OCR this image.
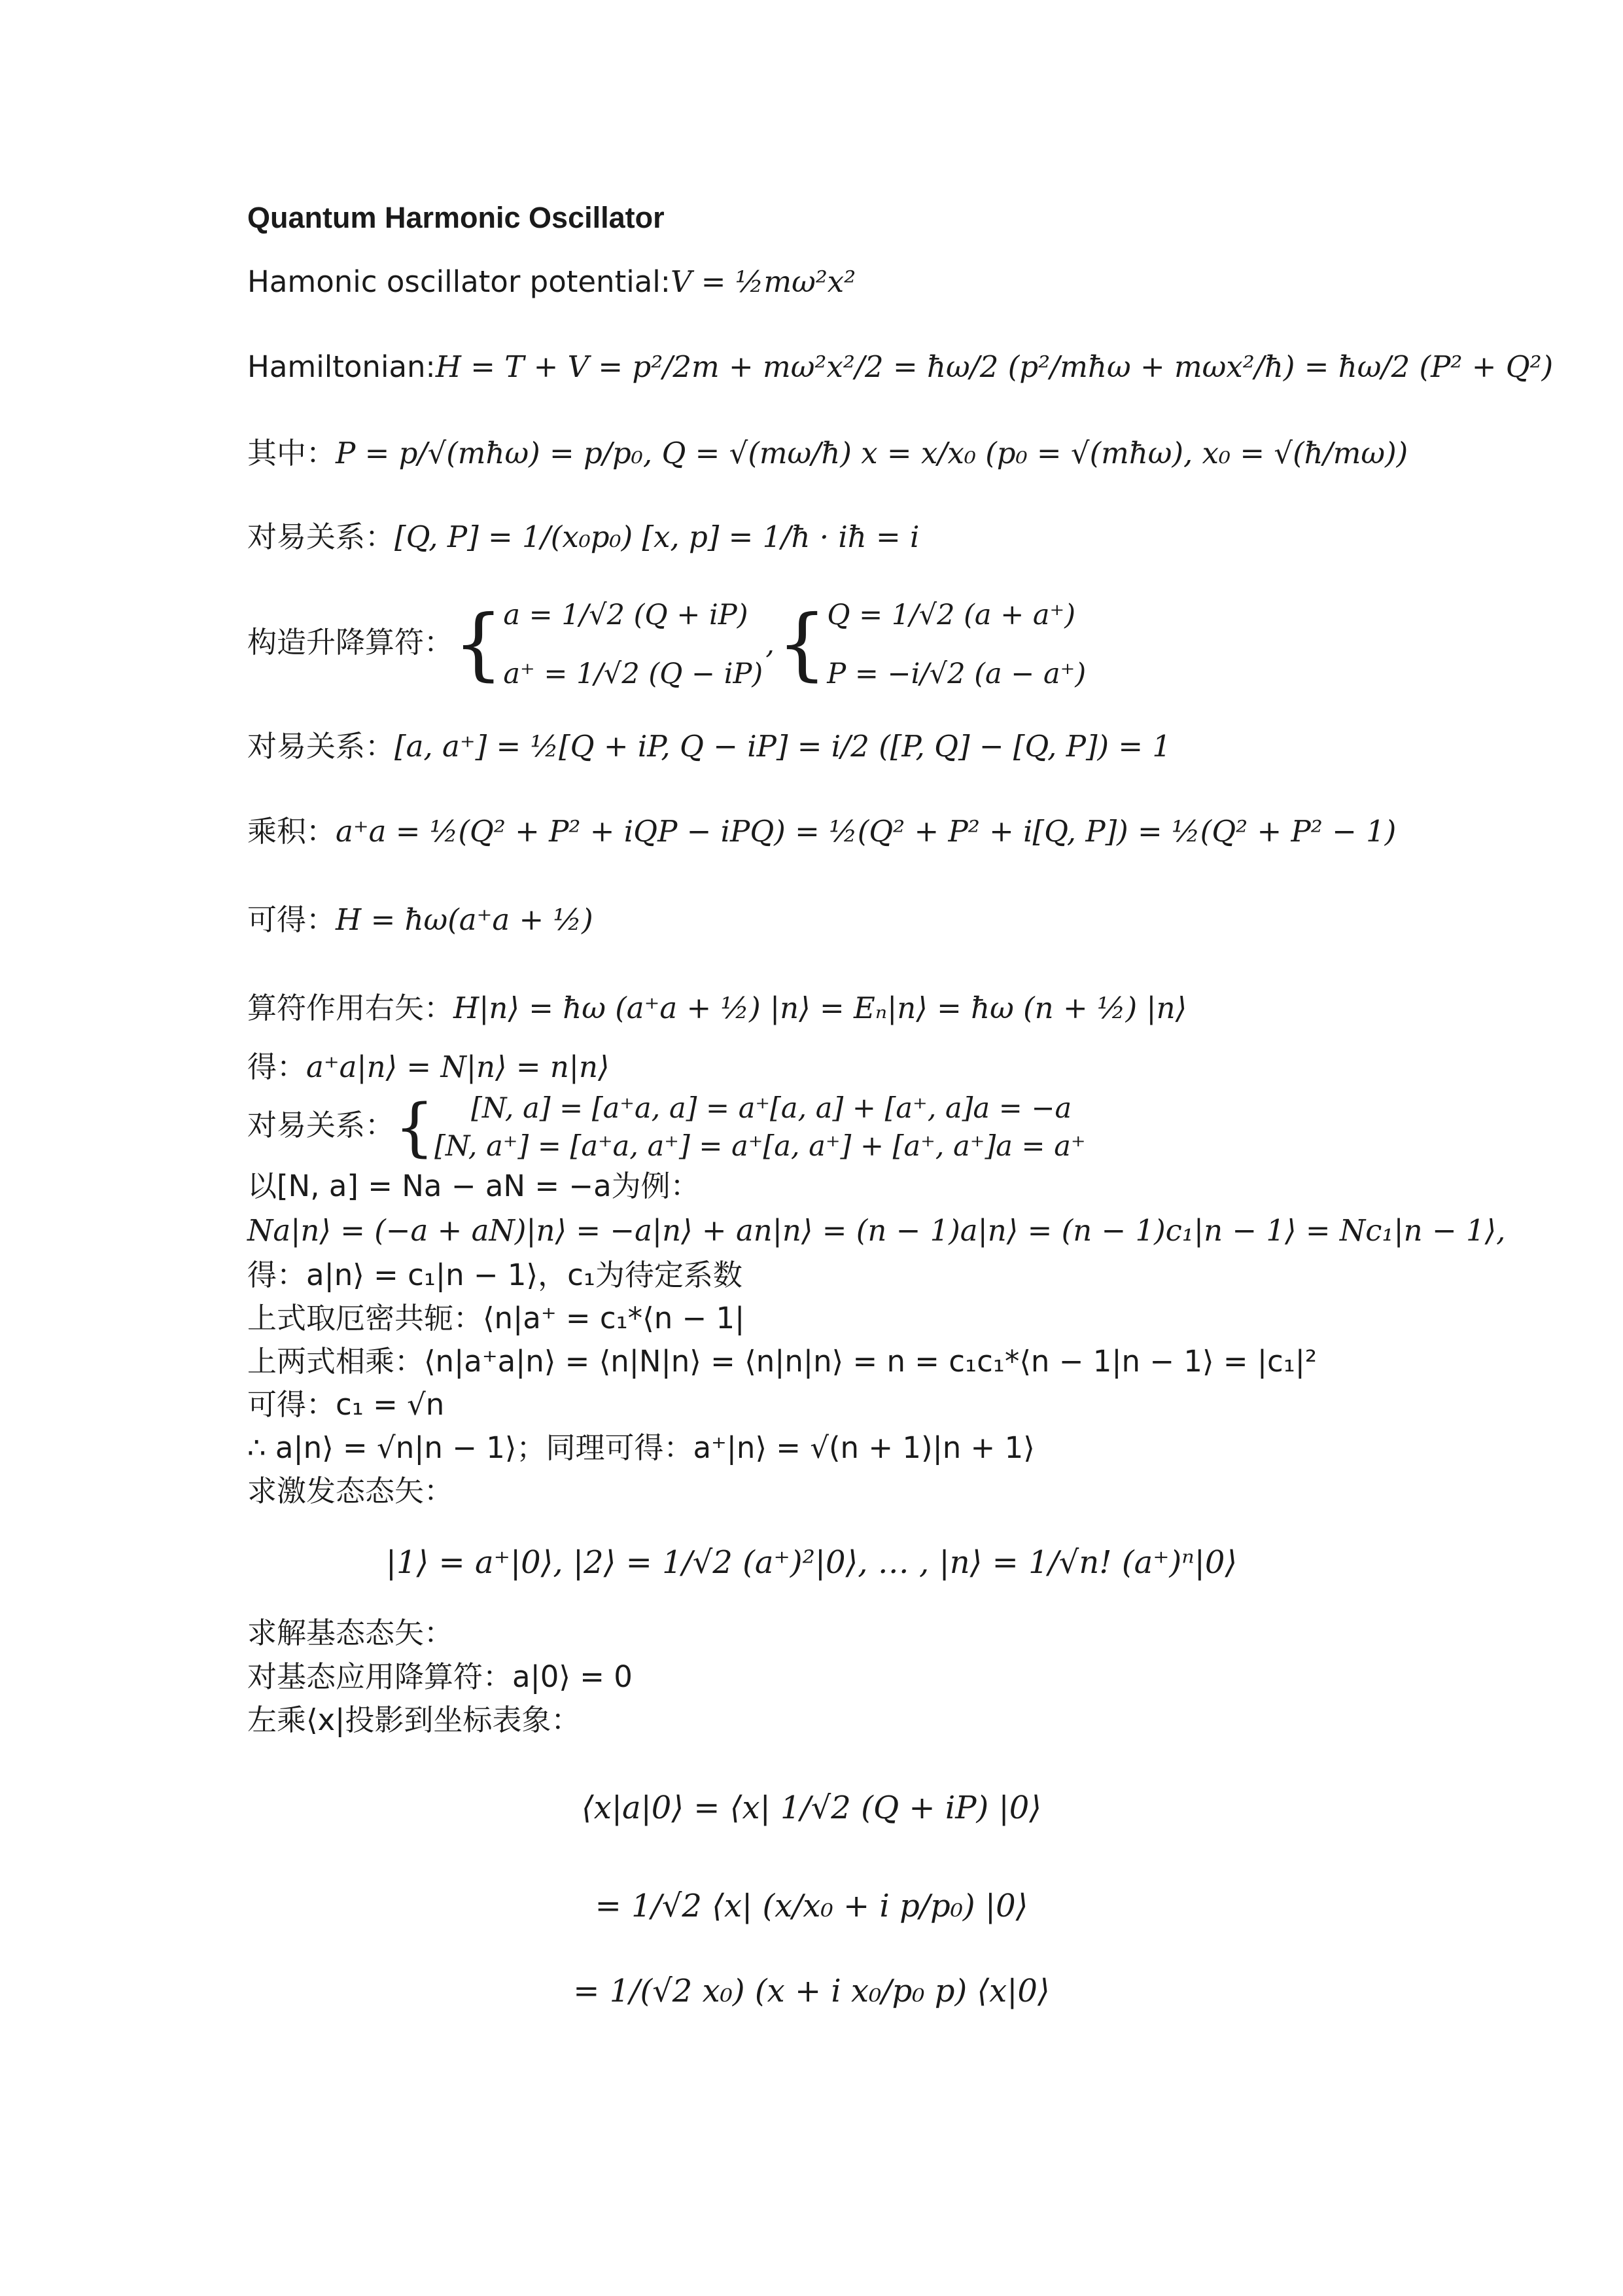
Quantum Harmonic Oscillator
Hamonic oscillator potential:V = ½mω²x²
Hamiltonian:H = T + V = p²/2m + mω²x²/2 = ħω/2 (p²/mħω + mωx²/ħ) = ħω/2 (P² + Q²)
其中：P = p/√(mħω) = p/p₀, Q = √(mω/ħ) x = x/x₀ (p₀ = √(mħω), x₀ = √(ħ/mω))
对易关系：[Q, P] = 1/(x₀p₀) [x, p] = 1/ħ · iħ = i
构造升降算符：{ a = 1/√2 (Q + iP)
a⁺ = 1/√2 (Q − iP)
,{ Q = 1/√2 (a + a⁺)
P = −i/√2 (a − a⁺)
对易关系：[a, a⁺] = ½[Q + iP, Q − iP] = i/2 ([P, Q] − [Q, P]) = 1
乘积：a⁺a = ½(Q² + P² + iQP − iPQ) = ½(Q² + P² + i[Q, P]) = ½(Q² + P² − 1)
可得：H = ħω(a⁺a + ½)
算符作用右矢：H|n⟩ = ħω (a⁺a + ½) |n⟩ = Eₙ|n⟩ = ħω (n + ½) |n⟩
得：a⁺a|n⟩ = N|n⟩ = n|n⟩
对易关系：{	[N, a] = [a⁺a, a] = a⁺[a, a] + [a⁺, a]a = −a
[N, a⁺] = [a⁺a, a⁺] = a⁺[a, a⁺] + [a⁺, a⁺]a = a⁺
以[N, a] = Na − aN = −a为例：
Na|n⟩ = (−a + aN)|n⟩ = −a|n⟩ + an|n⟩ = (n − 1)a|n⟩ = (n − 1)c₁|n − 1⟩ = Nc₁|n − 1⟩,
得：a|n⟩ = c₁|n − 1⟩，c₁为待定系数
上式取厄密共轭：⟨n|a⁺ = c₁*⟨n − 1|
上两式相乘：⟨n|a⁺a|n⟩ = ⟨n|N|n⟩ = ⟨n|n|n⟩ = n = c₁c₁*⟨n − 1|n − 1⟩ = |c₁|²
可得：c₁ = √n
∴ a|n⟩ = √n|n − 1⟩；同理可得：a⁺|n⟩ = √(n + 1)|n + 1⟩
求激发态态矢：
|1⟩ = a⁺|0⟩, |2⟩ = 1/√2 (a⁺)²|0⟩, … , |n⟩ = 1/√n! (a⁺)ⁿ|0⟩
求解基态态矢：
对基态应用降算符：a|0⟩ = 0
左乘⟨x|投影到坐标表象：
⟨x|a|0⟩ = ⟨x| 1/√2 (Q + iP) |0⟩
= 1/√2 ⟨x| (x/x₀ + i p/p₀) |0⟩
= 1/(√2 x₀) (x + i x₀/p₀ p) ⟨x|0⟩
